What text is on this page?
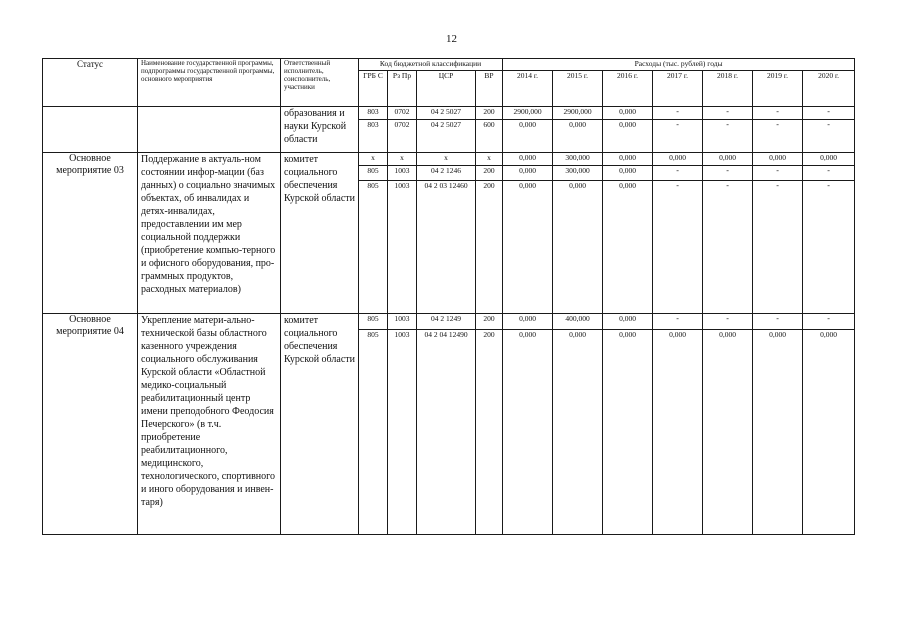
12
Статус	Наименование государственной программы, подпрограммы государственной программы, основного мероприятия	Ответственный исполнитель, соисполнитель, участники	Код бюджетной классификации				Расходы (тыс. рублей) годы						
			ГРБ С	Рз Пр	ЦСР	ВР	2014 г.	2015 г.	2016 г.	2017 г.	2018 г.	2019 г.	2020 г.
		образования и науки Курской области	803	0702	04 2 5027	200	2900,000	2900,000	0,000	-	-	-	-
			803	0702	04 2 5027	600	0,000	0,000	0,000	-	-	-	-
Основное мероприятие 03	Поддержание в актуаль-ном состоянии инфор-мации (баз данных) о социально значимых объектах, об инвалидах и детях-инвалидах, предоставлении им мер социальной поддержки (приобретение компью-терного и офисного оборудования, про-граммных продуктов, расходных материалов)	комитет социального обеспечения Курской области	х	х	х	х	0,000	300,000	0,000	0,000	0,000	0,000	0,000
			805	1003	04 2 1246	200	0,000	300,000	0,000	-	-	-	-
			805	1003	04 2 03 12460	200	0,000	0,000	0,000	-	-	-	-
Основное мероприятие 04	Укрепление матери-ально-технической базы областного казенного учреждения социального обслуживания Курской области «Областной медико-социальный реабилитационный центр имени преподобного Феодосия Печерского» (в т.ч. приобретение реабилитационного, медицинского, технологического, спортивного и иного оборудования и инвен-таря)	комитет социального обеспечения Курской области	805	1003	04 2 1249	200	0,000	400,000	0,000	-	-	-	-
			805	1003	04 2 04 12490	200	0,000	0,000	0,000	0,000	0,000	0,000	0,000
